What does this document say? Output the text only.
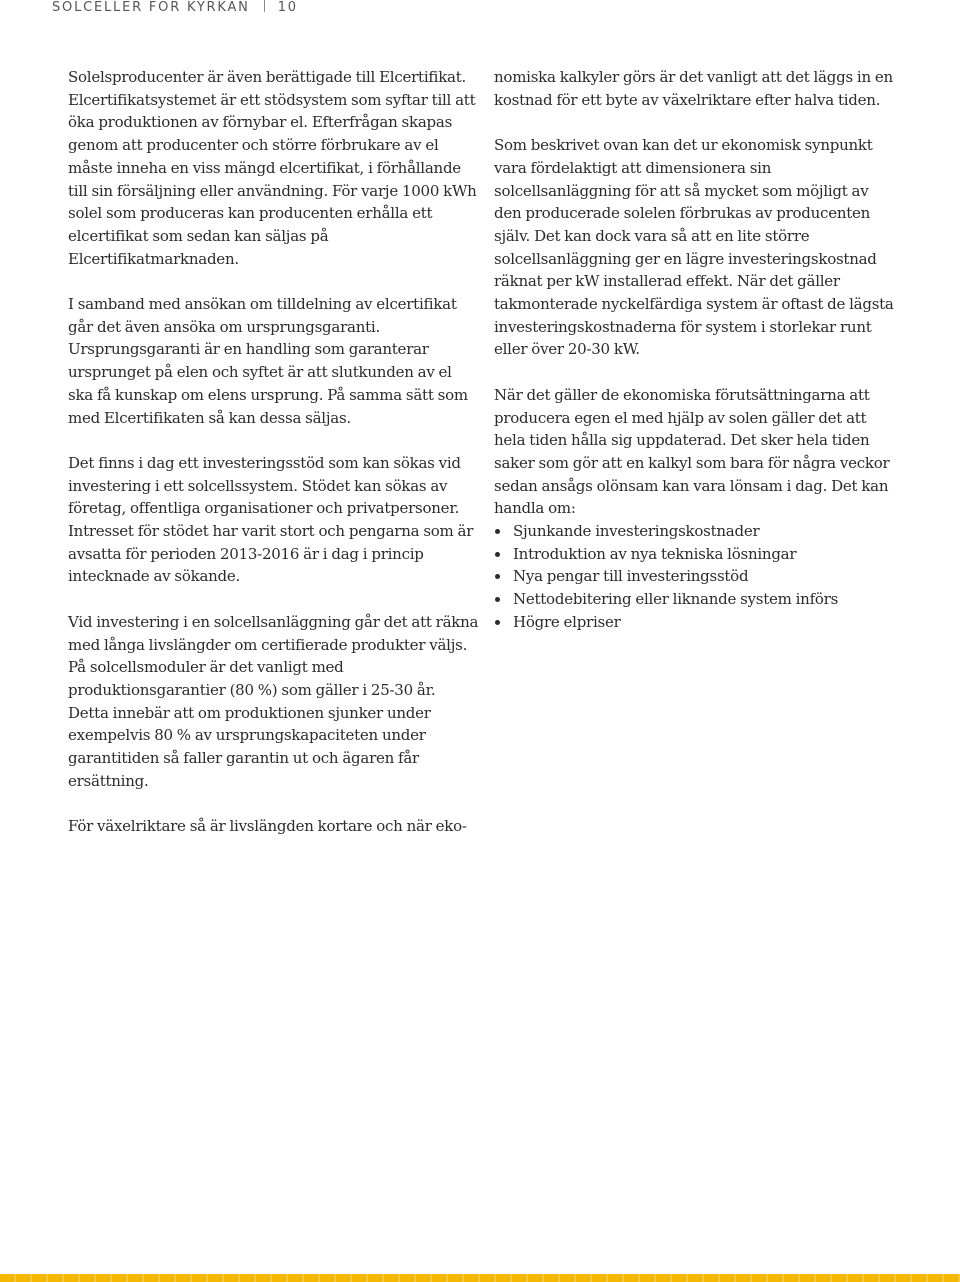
SOLCELLER FÖR KYRKAN 10

Solelsproducenter är även berättigade till Elcertifikat. Elcertifikatsystemet är ett stödsystem som syftar till att öka produktionen av förnybar el. Efterfrågan skapas genom att producenter och större förbrukare av el måste inneha en viss mängd elcertifikat, i förhållande till sin försäljning eller användning. För varje 1000 kWh solel som produceras kan producenten erhålla ett elcertifikat som sedan kan säljas på Elcertifikatmarknaden.

I samband med ansökan om tilldelning av elcertifikat går det även ansöka om ursprungsgaranti. Ursprungsgaranti är en handling som garanterar ursprunget på elen och syftet är att slutkunden av el ska få kunskap om elens ursprung. På samma sätt som med Elcertifikaten så kan dessa säljas.

Det finns i dag ett investeringsstöd som kan sökas vid investering i ett solcellssystem. Stödet kan sökas av företag, offentliga organisationer och privatpersoner. Intresset för stödet har varit stort och pengarna som är avsatta för perioden 2013-2016 är i dag i princip intecknade av sökande.

Vid investering i en solcellsanläggning går det att räkna med långa livslängder om certifierade produkter väljs. På solcellsmoduler är det vanligt med produktionsgarantier (80 %) som gäller i 25-30 år. Detta innebär att om produktionen sjunker under exempelvis 80 % av ursprungskapaciteten under garantitiden så faller garantin ut och ägaren får ersättning.

För växelriktare så är livslängden kortare och när eko-

nomiska kalkyler görs är det vanligt att det läggs in en kostnad för ett byte av växelriktare efter halva tiden.

Som beskrivet ovan kan det ur ekonomisk synpunkt vara fördelaktigt att dimensionera sin solcellsanläggning för att så mycket som möjligt av den producerade solelen förbrukas av producenten själv. Det kan dock vara så att en lite större solcellsanläggning ger en lägre investeringskostnad räknat per kW installerad effekt. När det gäller takmonterade nyckelfärdiga system är oftast de lägsta investeringskostnaderna för system i storlekar runt eller över 20-30 kW.

När det gäller de ekonomiska förutsättningarna att producera egen el med hjälp av solen gäller det att hela tiden hålla sig uppdaterad. Det sker hela tiden saker som gör att en kalkyl som bara för några veckor sedan ansågs olönsam kan vara lönsam i dag. Det kan handla om:

Sjunkande investeringskostnader
Introduktion av nya tekniska lösningar
Nya pengar till investeringsstöd
Nettodebitering eller liknande system införs
Högre elpriser
